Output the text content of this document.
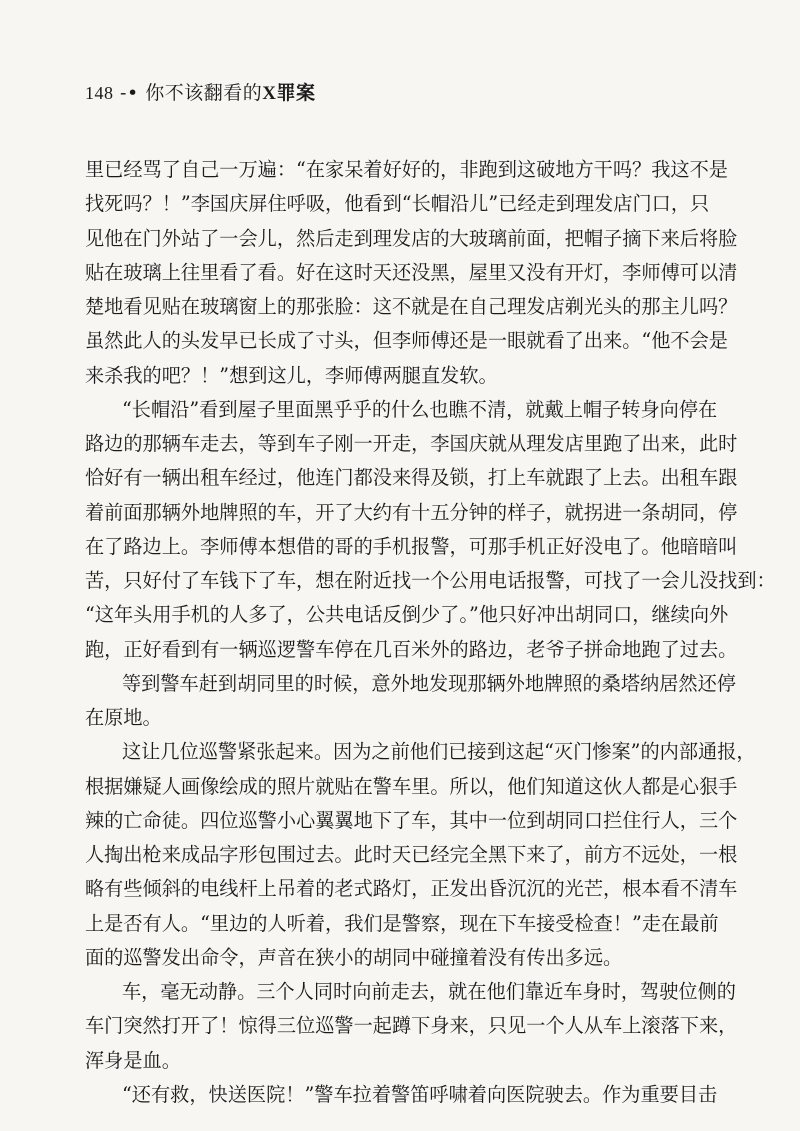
148 -• 你不该翻看的X罪案
里已经骂了自己一万遍：“在家呆着好好的，非跑到这破地方干吗？我这不是
找死吗？！”李国庆屏住呼吸，他看到“长帽沿儿”已经走到理发店门口，只
见他在门外站了一会儿，然后走到理发店的大玻璃前面，把帽子摘下来后将脸
贴在玻璃上往里看了看。好在这时天还没黑，屋里又没有开灯，李师傅可以清
楚地看见贴在玻璃窗上的那张脸：这不就是在自己理发店剃光头的那主儿吗？
虽然此人的头发早已长成了寸头，但李师傅还是一眼就看了出来。“他不会是
来杀我的吧？！”想到这儿，李师傅两腿直发软。
“长帽沿”看到屋子里面黑乎乎的什么也瞧不清，就戴上帽子转身向停在
路边的那辆车走去，等到车子刚一开走，李国庆就从理发店里跑了出来，此时
恰好有一辆出租车经过，他连门都没来得及锁，打上车就跟了上去。出租车跟
着前面那辆外地牌照的车，开了大约有十五分钟的样子，就拐进一条胡同，停
在了路边上。李师傅本想借的哥的手机报警，可那手机正好没电了。他暗暗叫
苦，只好付了车钱下了车，想在附近找一个公用电话报警，可找了一会儿没找到：
“这年头用手机的人多了，公共电话反倒少了。”他只好冲出胡同口，继续向外
跑，正好看到有一辆巡逻警车停在几百米外的路边，老爷子拼命地跑了过去。
等到警车赶到胡同里的时候，意外地发现那辆外地牌照的桑塔纳居然还停
在原地。
这让几位巡警紧张起来。因为之前他们已接到这起“灭门惨案”的内部通报，
根据嫌疑人画像绘成的照片就贴在警车里。所以，他们知道这伙人都是心狠手
辣的亡命徒。四位巡警小心翼翼地下了车，其中一位到胡同口拦住行人，三个
人掏出枪来成品字形包围过去。此时天已经完全黑下来了，前方不远处，一根
略有些倾斜的电线杆上吊着的老式路灯，正发出昏沉沉的光芒，根本看不清车
上是否有人。“里边的人听着，我们是警察，现在下车接受检查！”走在最前
面的巡警发出命令，声音在狭小的胡同中碰撞着没有传出多远。
车，毫无动静。三个人同时向前走去，就在他们靠近车身时，驾驶位侧的
车门突然打开了！惊得三位巡警一起蹲下身来，只见一个人从车上滚落下来，
浑身是血。
“还有救，快送医院！”警车拉着警笛呼啸着向医院驶去。作为重要目击
